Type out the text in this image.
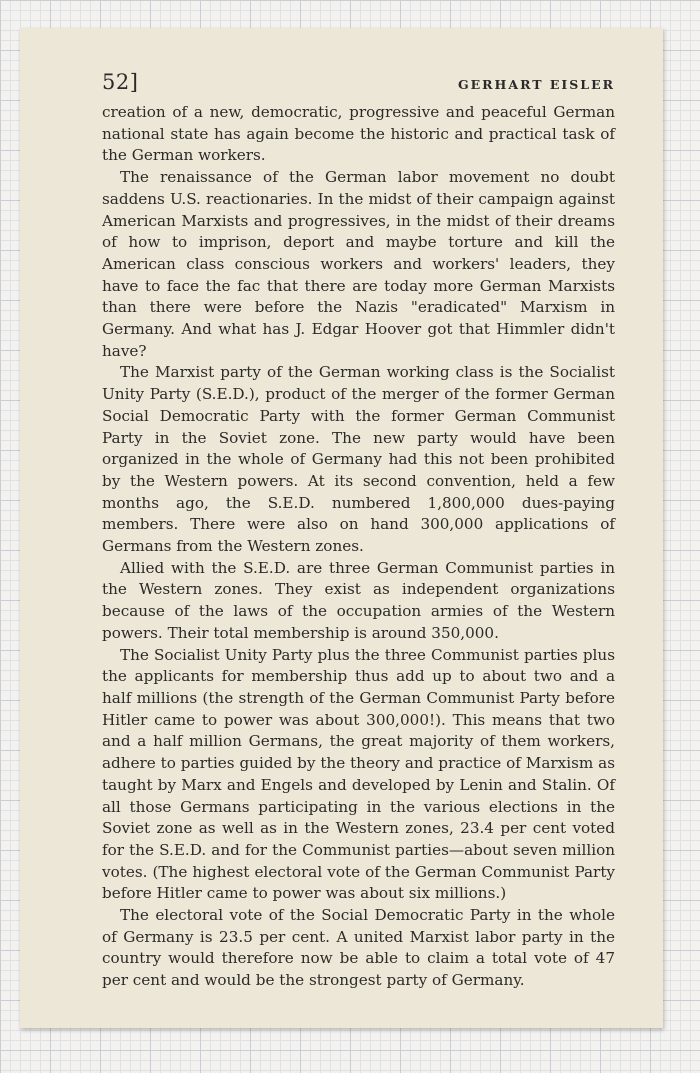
52]	GERHART EISLER

creation of a new, democratic, progressive and peaceful German national state has again become the historic and practical task of the German workers.

The renaissance of the German labor movement no doubt saddens U.S. reactionaries. In the midst of their campaign against American Marxists and progressives, in the midst of their dreams of how to imprison, deport and maybe torture and kill the American class conscious workers and workers' leaders, they have to face the fac that there are today more German Marxists than there were before the Nazis "eradicated" Marxism in Germany. And what has J. Edgar Hoover got that Himmler didn't have?

The Marxist party of the German working class is the Socialist Unity Party (S.E.D.), product of the merger of the former German Social Democratic Party with the former German Communist Party in the Soviet zone. The new party would have been organized in the whole of Germany had this not been prohibited by the Western powers. At its second convention, held a few months ago, the S.E.D. numbered 1,800,000 dues-paying members. There were also on hand 300,000 applications of Germans from the Western zones.

Allied with the S.E.D. are three German Communist parties in the Western zones. They exist as independent organizations because of the laws of the occupation armies of the Western powers. Their total membership is around 350,000.

The Socialist Unity Party plus the three Communist parties plus the applicants for membership thus add up to about two and a half millions (the strength of the German Communist Party before Hitler came to power was about 300,000!). This means that two and a half million Germans, the great majority of them workers, adhere to parties guided by the theory and practice of Marxism as taught by Marx and Engels and developed by Lenin and Stalin. Of all those Germans participating in the various elections in the Soviet zone as well as in the Western zones, 23.4 per cent voted for the S.E.D. and for the Communist parties—about seven million votes. (The highest electoral vote of the German Communist Party before Hitler came to power was about six millions.)

The electoral vote of the Social Democratic Party in the whole of Germany is 23.5 per cent. A united Marxist labor party in the country would therefore now be able to claim a total vote of 47 per cent and would be the strongest party of Germany.
